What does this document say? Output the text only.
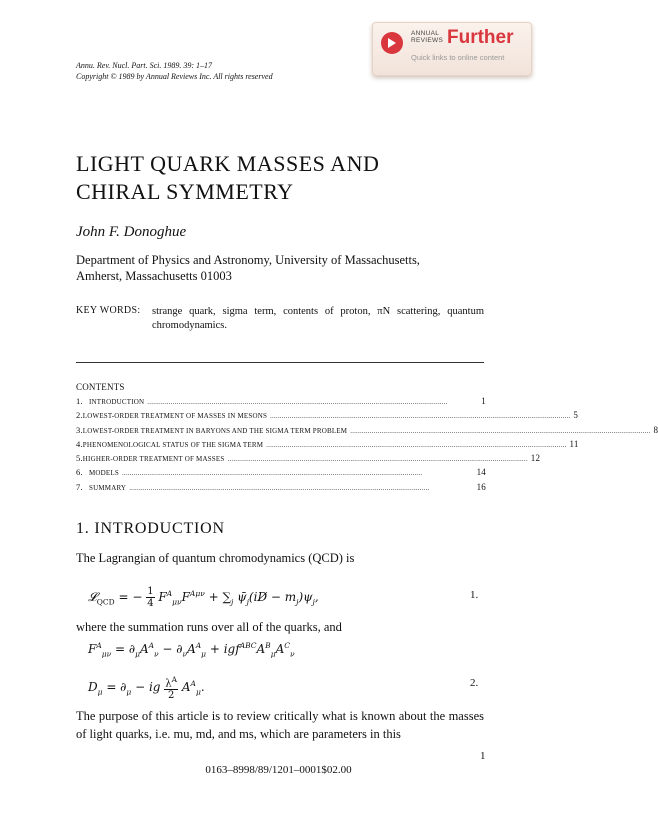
ANNUAL
REVIEWS Further
Quick links to online content
Annu. Rev. Nucl. Part. Sci. 1989. 39: 1–17
Copyright © 1989 by Annual Reviews Inc. All rights reserved
LIGHT QUARK MASSES AND
CHIRAL SYMMETRY
John F. Donoghue
Department of Physics and Astronomy, University of Massachusetts,
Amherst, Massachusetts 01003
KEY WORDS: strange quark, sigma term, contents of proton, πN scattering, quantum chromodynamics.
CONTENTS
1. INTRODUCTION ..........................................................................................................................................................	1
2. LOWEST-ORDER TREATMENT OF MASSES IN MESONS .......................................................................................................................................................... 5
3. LOWEST-ORDER TREATMENT IN BARYONS AND THE SIGMA TERM PROBLEM .......................................................................................................................................................... 8
4. PHENOMENOLOGICAL STATUS OF THE SIGMA TERM .......................................................................................................................................................... 11
5. HIGHER-ORDER TREATMENT OF MASSES .......................................................................................................................................................... 12
6. MODELS ..........................................................................................................................................................	14
7. SUMMARY ..........................................................................................................................................................	16
1. INTRODUCTION
The Lagrangian of quantum chromodynamics (QCD) is
𝓛$_{QCD}$ = − $\frac{1}{4} F^A_{\mu\nu}F^{A\mu\nu} + \sum_j$ $\psī_j(i𝐷̸ - m_j)\psi_j$,	1.
where the summation runs over all of the quarks, and
$F^A_{\mu\nu} = \partial_\mu A^A_\nu - \partial_\nu A^A_\mu + igf^{ABC}A^B_\mu A^C_\nu$
$D_\mu = \partial_\mu$ − ig $\frac{\lambda^A}{2} A^A_\mu$.	2.
The purpose of this article is to review critically what is known about the masses of light quarks, i.e. mu, md, and ms, which are parameters in this
1
0163–8998/89/1201–0001$02.00
